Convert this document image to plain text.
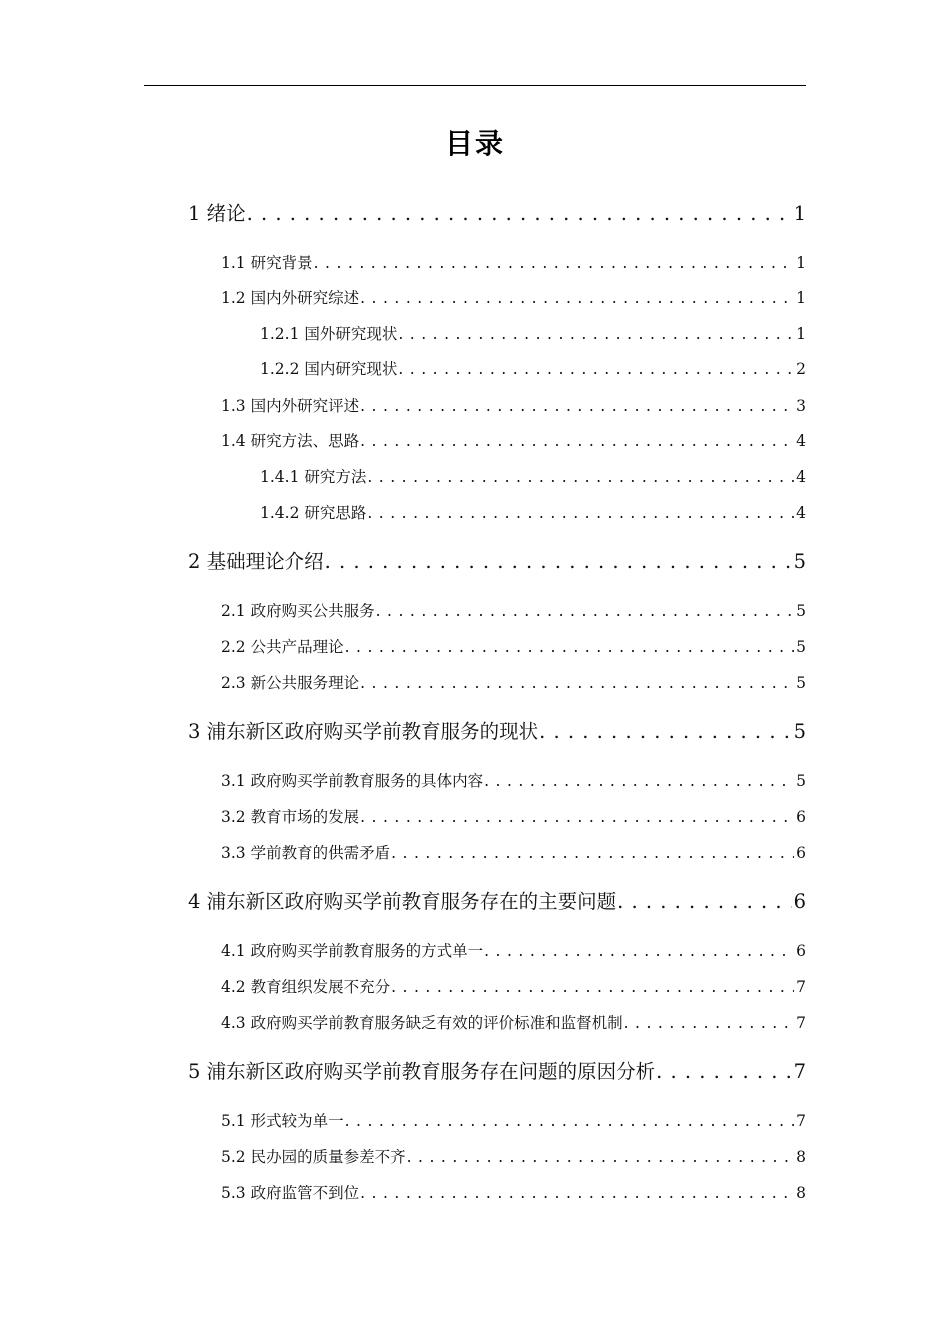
目录
1 绪论 .....	1
1.1 研究背景 .....	1
1.2 国内外研究综述 .....	1
1.2.1 国外研究现状 .....	1
1.2.2 国内研究现状 .....	2
1.3 国内外研究评述 .....	3
1.4 研究方法、思路 .....	4
1.4.1 研究方法 .....	4
1.4.2 研究思路 .....	4
2 基础理论介绍 .....	5
2.1 政府购买公共服务 .....	5
2.2 公共产品理论 .....	5
2.3 新公共服务理论 .....	5
3 浦东新区政府购买学前教育服务的现状 .....	5
3.1 政府购买学前教育服务的具体内容 .....	5
3.2 教育市场的发展 .....	6
3.3 学前教育的供需矛盾 .....	6
4 浦东新区政府购买学前教育服务存在的主要问题 .....	6
4.1 政府购买学前教育服务的方式单一 .....	6
4.2 教育组织发展不充分 .....	7
4.3 政府购买学前教育服务缺乏有效的评价标准和监督机制 .....	7
5 浦东新区政府购买学前教育服务存在问题的原因分析 .....	7
5.1 形式较为单一 .....	7
5.2 民办园的质量参差不齐 .....	8
5.3 政府监管不到位 .....	8
